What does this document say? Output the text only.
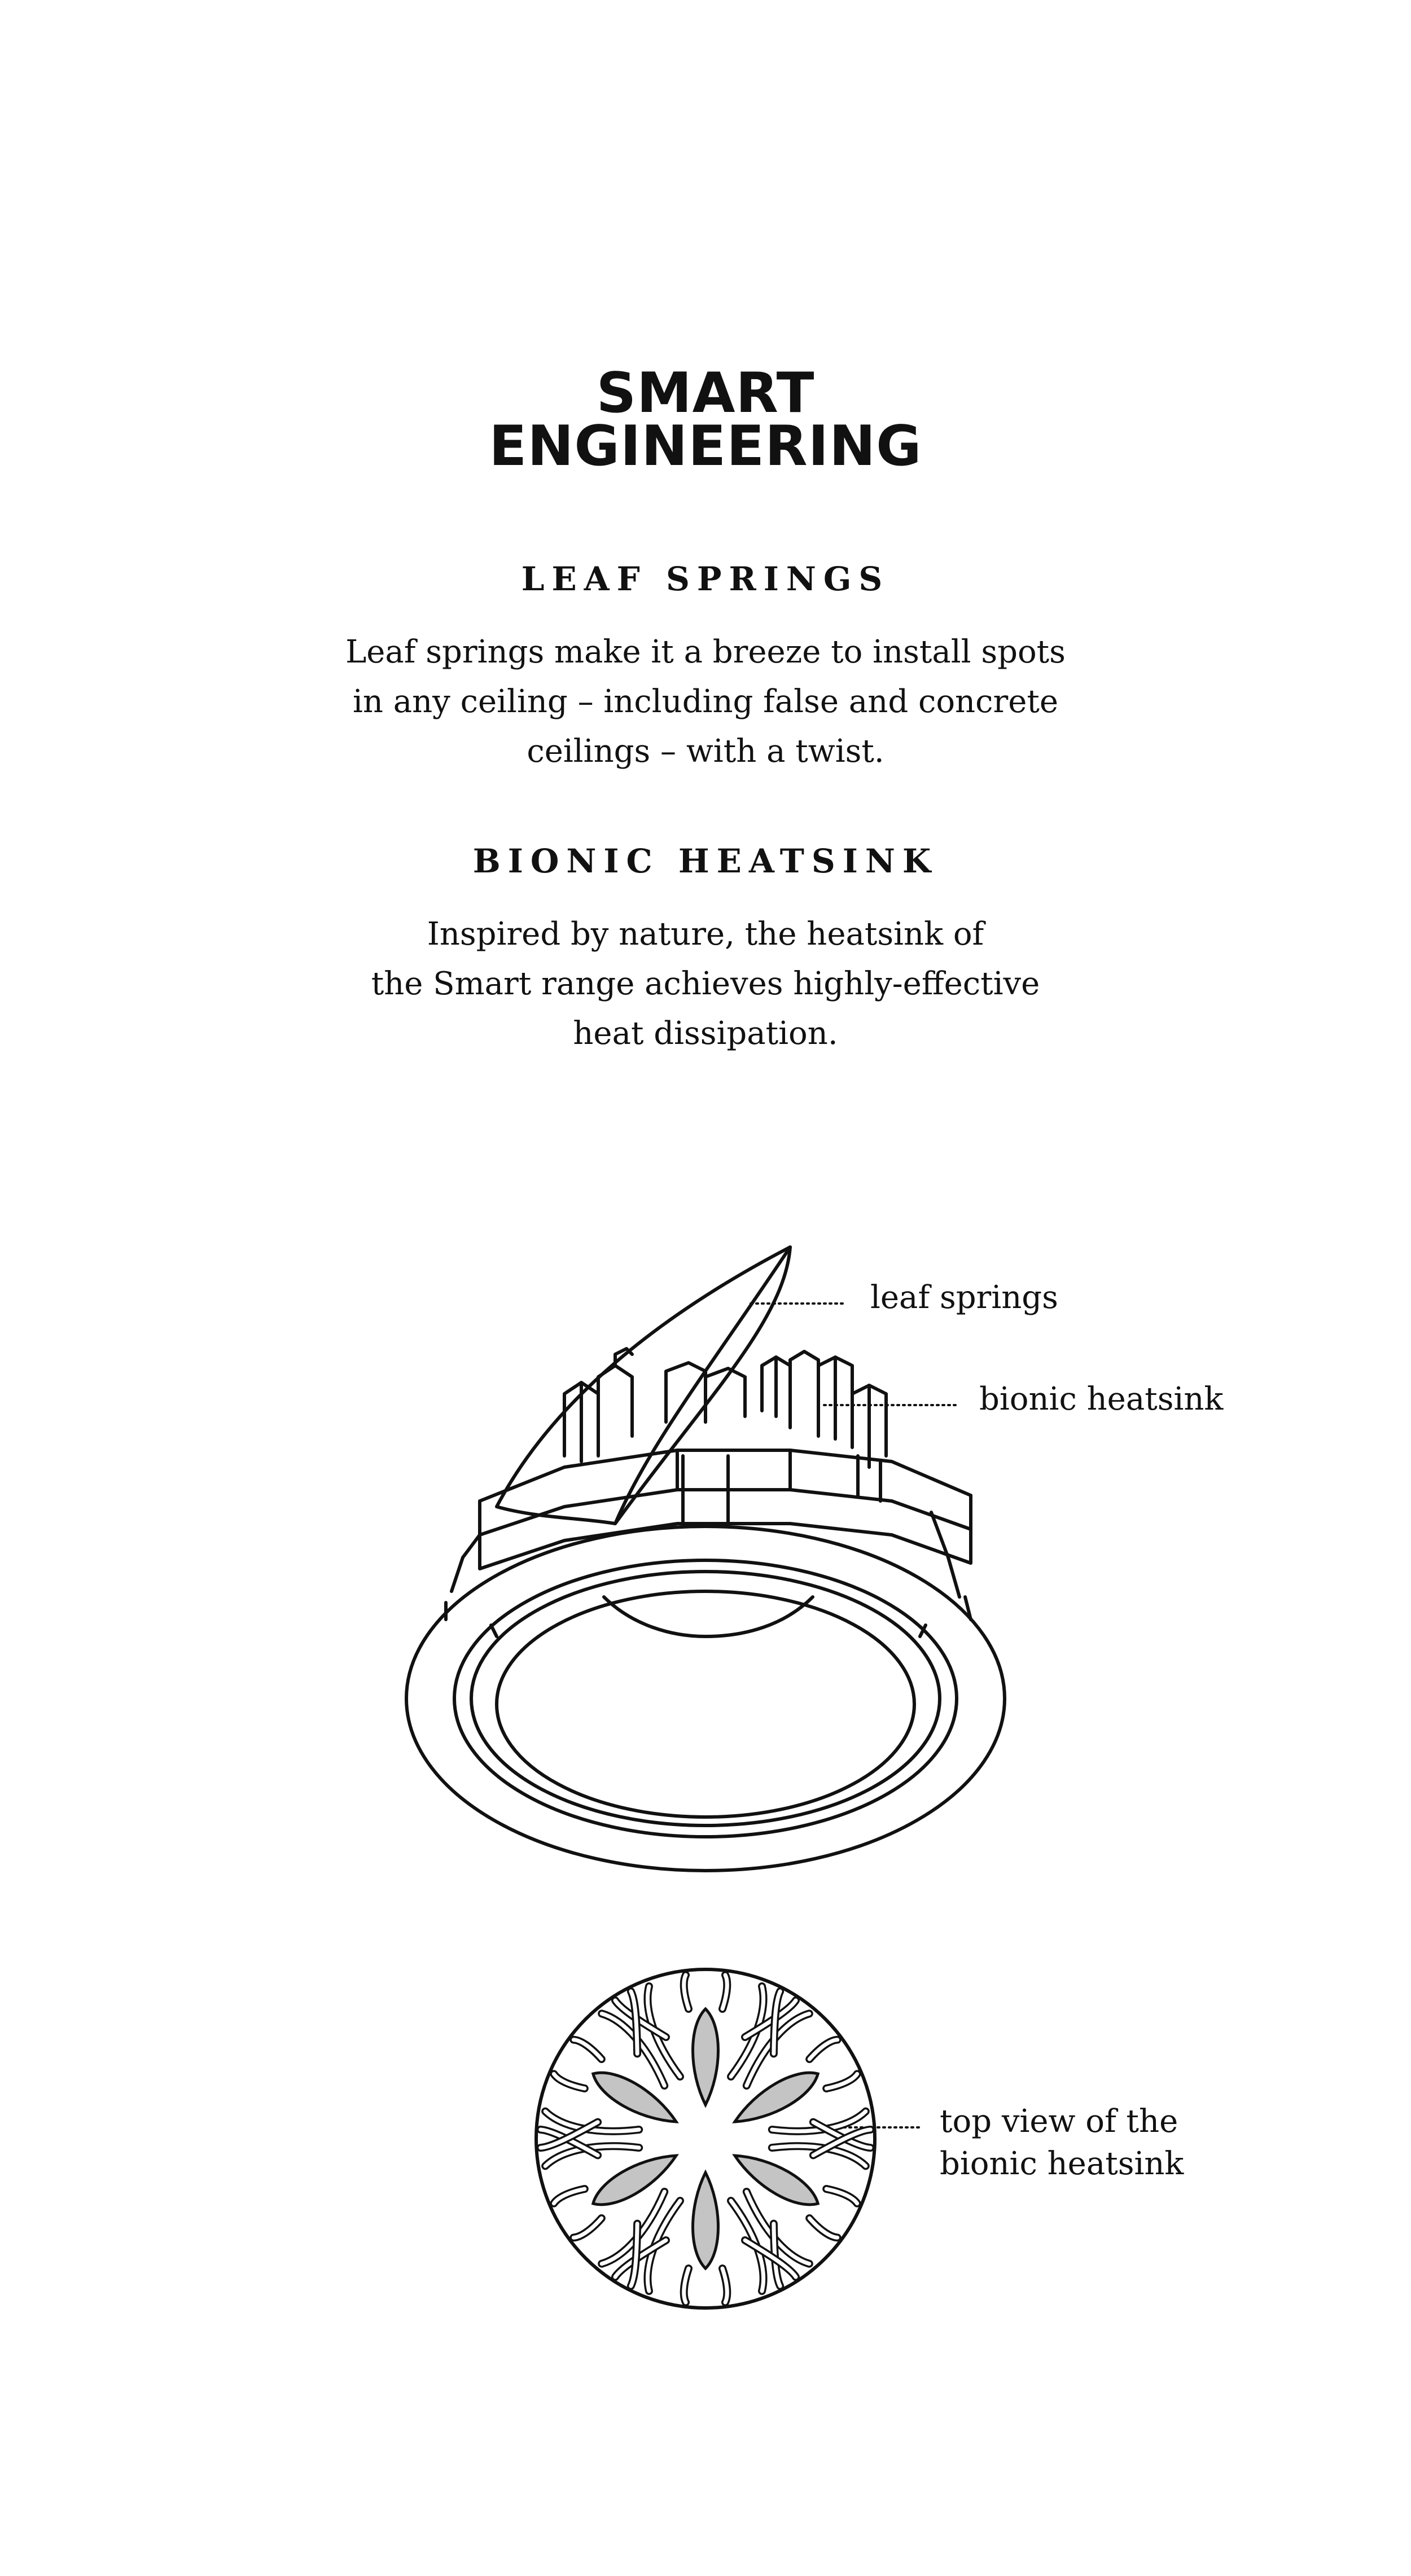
SMART
ENGINEERING
LEAF SPRINGS

Leaf springs make it a breeze to install spots
in any ceiling – including false and concrete
ceilings – with a twist.

BIONIC HEATSINK

Inspired by nature, the heatsink of
the Smart range achieves highly-effective
heat dissipation.

leaf springs
bionic heatsink
top view of the
bionic heatsink
